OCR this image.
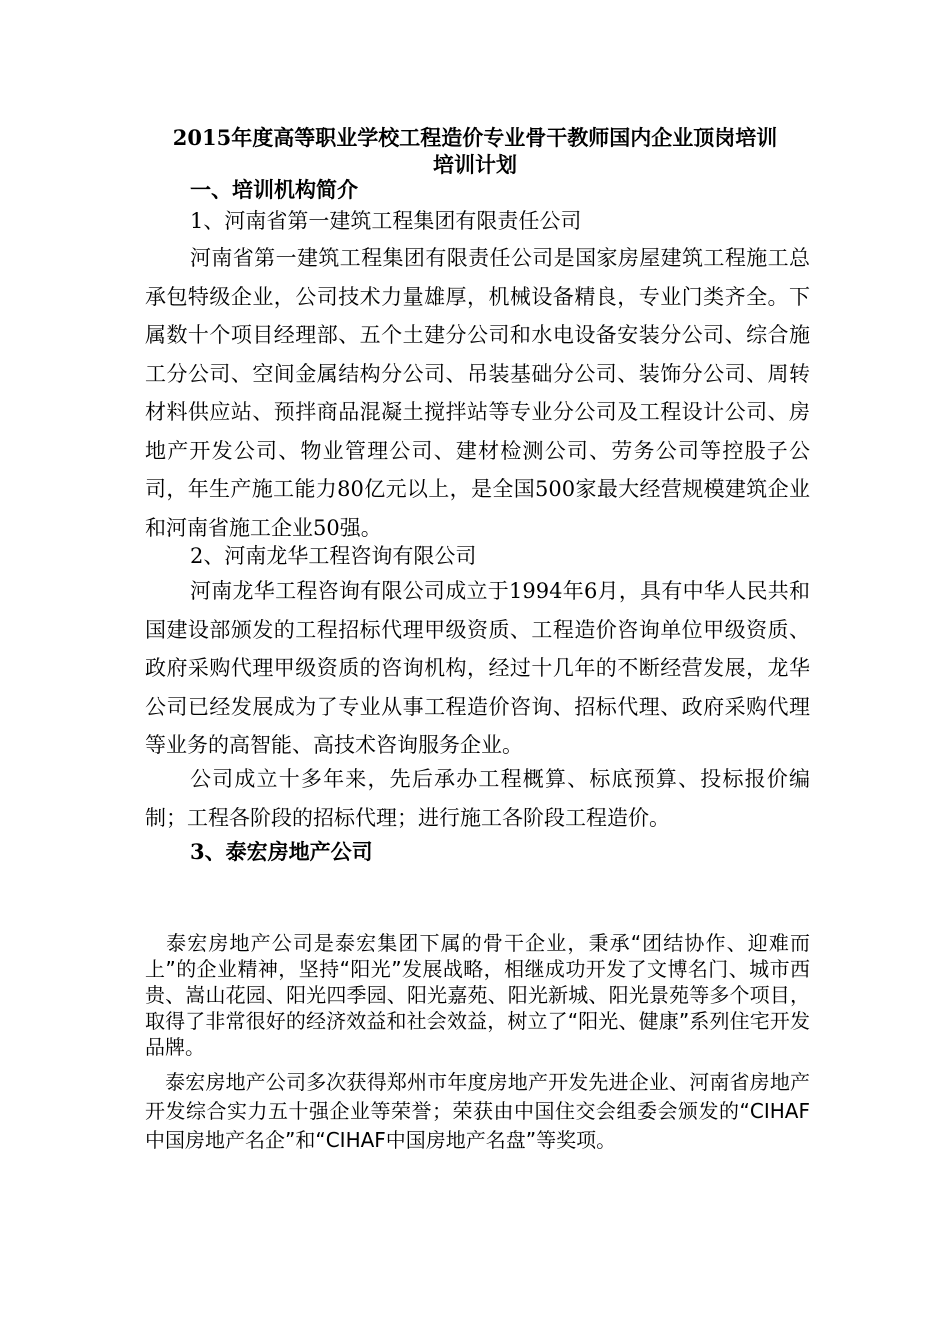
2015年度高等职业学校工程造价专业骨干教师国内企业顶岗培训
培训计划
一、培训机构简介
1、河南省第一建筑工程集团有限责任公司

河南省第一建筑工程集团有限责任公司是国家房屋建筑工程施工总承包特级企业，公司技术力量雄厚，机械设备精良，专业门类齐全。下属数十个项目经理部、五个土建分公司和水电设备安装分公司、综合施工分公司、空间金属结构分公司、吊装基础分公司、装饰分公司、周转材料供应站、预拌商品混凝土搅拌站等专业分公司及工程设计公司、房地产开发公司、物业管理公司、建材检测公司、劳务公司等控股子公司，年生产施工能力80亿元以上，是全国500家最大经营规模建筑企业和河南省施工企业50强。

2、河南龙华工程咨询有限公司

河南龙华工程咨询有限公司成立于1994年6月，具有中华人民共和国建设部颁发的工程招标代理甲级资质、工程造价咨询单位甲级资质、政府采购代理甲级资质的咨询机构，经过十几年的不断经营发展，龙华公司已经发展成为了专业从事工程造价咨询、招标代理、政府采购代理等业务的高智能、高技术咨询服务企业。

公司成立十多年来，先后承办工程概算、标底预算、投标报价编制；工程各阶段的招标代理；进行施工各阶段工程造价。

3、泰宏房地产公司

泰宏房地产公司是泰宏集团下属的骨干企业，秉承“团结协作、迎难而上”的企业精神，坚持“阳光”发展战略，相继成功开发了文博名门、城市西贵、嵩山花园、阳光四季园、阳光嘉苑、阳光新城、阳光景苑等多个项目，取得了非常很好的经济效益和社会效益，树立了“阳光、健康”系列住宅开发品牌。

泰宏房地产公司多次获得郑州市年度房地产开发先进企业、河南省房地产开发综合实力五十强企业等荣誉；荣获由中国住交会组委会颁发的“CIHAF中国房地产名企”和“CIHAF中国房地产名盘”等奖项。
